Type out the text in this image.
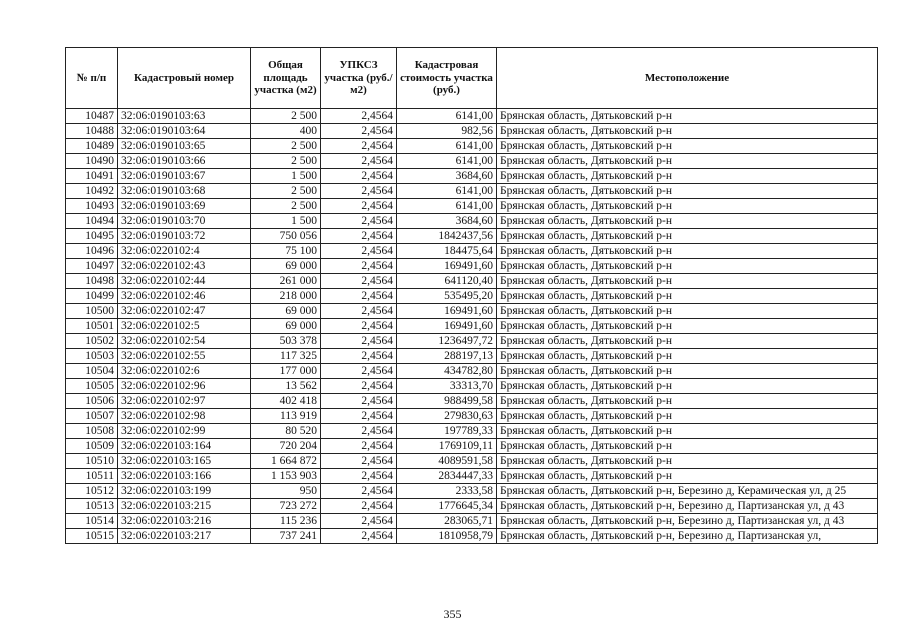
№ п/п	Кадастровый номер	Общая площадь участка (м2)	УПКСЗ участка (руб./м2)	Кадастровая стоимость участка (руб.)	Местоположение
10487	32:06:0190103:63	2 500	2,4564	6141,00	Брянская область, Дятьковский р-н
10488	32:06:0190103:64	400	2,4564	982,56	Брянская область, Дятьковский р-н
10489	32:06:0190103:65	2 500	2,4564	6141,00	Брянская область, Дятьковский р-н
10490	32:06:0190103:66	2 500	2,4564	6141,00	Брянская область, Дятьковский р-н
10491	32:06:0190103:67	1 500	2,4564	3684,60	Брянская область, Дятьковский р-н
10492	32:06:0190103:68	2 500	2,4564	6141,00	Брянская область, Дятьковский р-н
10493	32:06:0190103:69	2 500	2,4564	6141,00	Брянская область, Дятьковский р-н
10494	32:06:0190103:70	1 500	2,4564	3684,60	Брянская область, Дятьковский р-н
10495	32:06:0190103:72	750 056	2,4564	1842437,56	Брянская область, Дятьковский р-н
10496	32:06:0220102:4	75 100	2,4564	184475,64	Брянская область, Дятьковский р-н
10497	32:06:0220102:43	69 000	2,4564	169491,60	Брянская область, Дятьковский р-н
10498	32:06:0220102:44	261 000	2,4564	641120,40	Брянская область, Дятьковский р-н
10499	32:06:0220102:46	218 000	2,4564	535495,20	Брянская область, Дятьковский р-н
10500	32:06:0220102:47	69 000	2,4564	169491,60	Брянская область, Дятьковский р-н
10501	32:06:0220102:5	69 000	2,4564	169491,60	Брянская область, Дятьковский р-н
10502	32:06:0220102:54	503 378	2,4564	1236497,72	Брянская область, Дятьковский р-н
10503	32:06:0220102:55	117 325	2,4564	288197,13	Брянская область, Дятьковский р-н
10504	32:06:0220102:6	177 000	2,4564	434782,80	Брянская область, Дятьковский р-н
10505	32:06:0220102:96	13 562	2,4564	33313,70	Брянская область, Дятьковский р-н
10506	32:06:0220102:97	402 418	2,4564	988499,58	Брянская область, Дятьковский р-н
10507	32:06:0220102:98	113 919	2,4564	279830,63	Брянская область, Дятьковский р-н
10508	32:06:0220102:99	80 520	2,4564	197789,33	Брянская область, Дятьковский р-н
10509	32:06:0220103:164	720 204	2,4564	1769109,11	Брянская область, Дятьковский р-н
10510	32:06:0220103:165	1 664 872	2,4564	4089591,58	Брянская область, Дятьковский р-н
10511	32:06:0220103:166	1 153 903	2,4564	2834447,33	Брянская область, Дятьковский р-н
10512	32:06:0220103:199	950	2,4564	2333,58	Брянская область, Дятьковский р-н, Березино д, Керамическая ул, д 25
10513	32:06:0220103:215	723 272	2,4564	1776645,34	Брянская область, Дятьковский р-н, Березино д, Партизанская ул, д 43
10514	32:06:0220103:216	115 236	2,4564	283065,71	Брянская область, Дятьковский р-н, Березино д, Партизанская ул, д 43
10515	32:06:0220103:217	737 241	2,4564	1810958,79	Брянская область, Дятьковский р-н, Березино д, Партизанская ул,
355
